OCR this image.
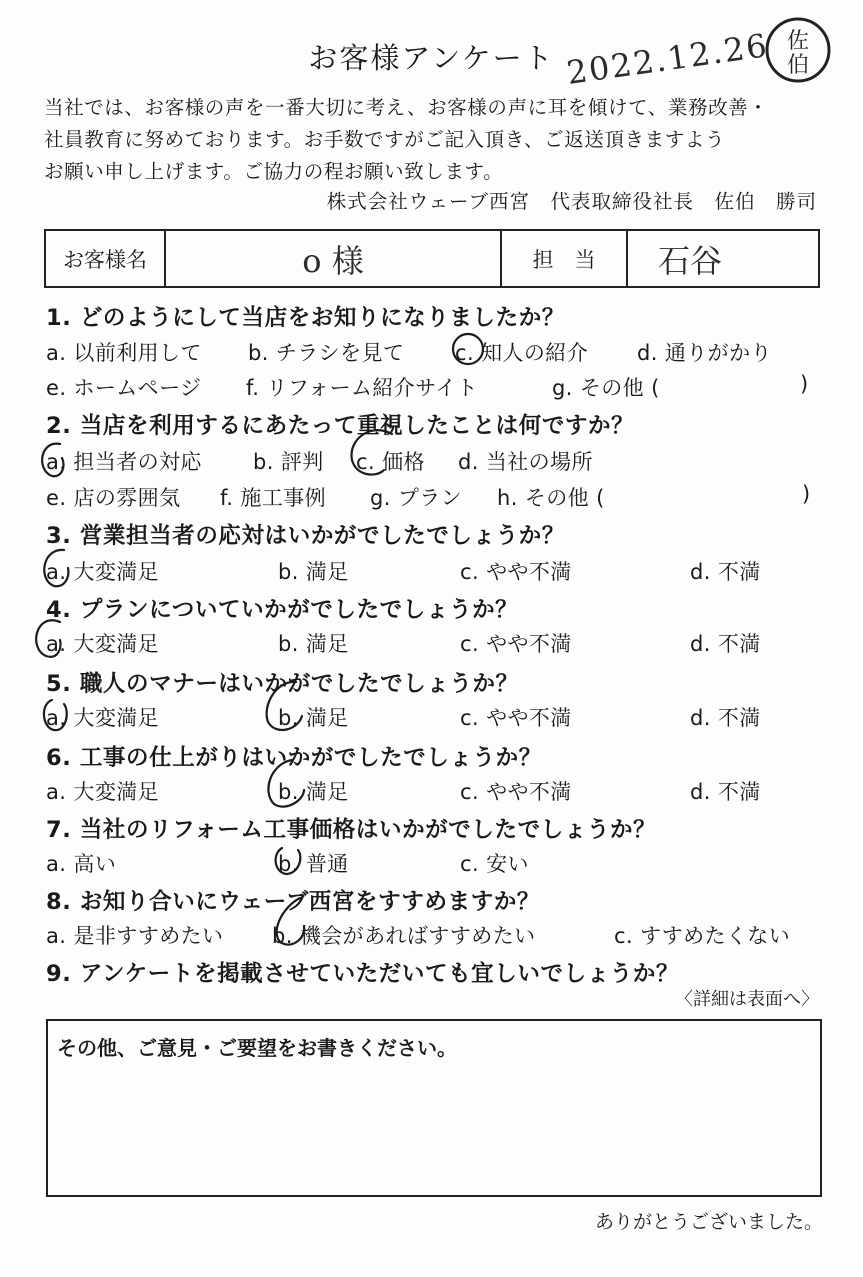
お客様アンケート 2022.12.26 佐
伯
当社では、お客様の声を一番大切に考え、お客様の声に耳を傾けて、業務改善・
社員教育に努めております。お手数ですがご記入頂き、ご返送頂きますよう
お願い申し上げます。ご協力の程お願い致します。
株式会社ウェーブ西宮　代表取締役社長　佐伯　勝司
お客様名	o 様	担　当	石谷
1. どのようにして当店をお知りになりましたか？
a. 以前利用して b. チラシを見て c. 知人の紹介 d. 通りがかり
e. ホームページ f. リフォーム紹介サイト	g. その他 (	)
2. 当店を利用するにあたって重視したことは何ですか？
a. 担当者の対応 b. 評判 c. 価格 d. 当社の場所
e. 店の雰囲気 f. 施工事例 g. プラン h. その他 (	)
3. 営業担当者の応対はいかがでしたでしょうか？
a. 大変満足	b. 満足	c. やや不満	d. 不満
4. プランについていかがでしたでしょうか？
a. 大変満足	b. 満足	c. やや不満	d. 不満
5. 職人のマナーはいかがでしたでしょうか？
a. 大変満足	b. 満足	c. やや不満	d. 不満
6. 工事の仕上がりはいかがでしたでしょうか？
a. 大変満足	b. 満足	c. やや不満	d. 不満
7. 当社のリフォーム工事価格はいかがでしたでしょうか？
a. 高い	b. 普通	c. 安い
8. お知り合いにウェーブ西宮をすすめますか？
a. 是非すすめたい b. 機会があればすすめたい	c. すすめたくない
9. アンケートを掲載させていただいても宜しいでしょうか？
〈詳細は表面へ〉
その他、ご意見・ご要望をお書きください。
ありがとうございました。
